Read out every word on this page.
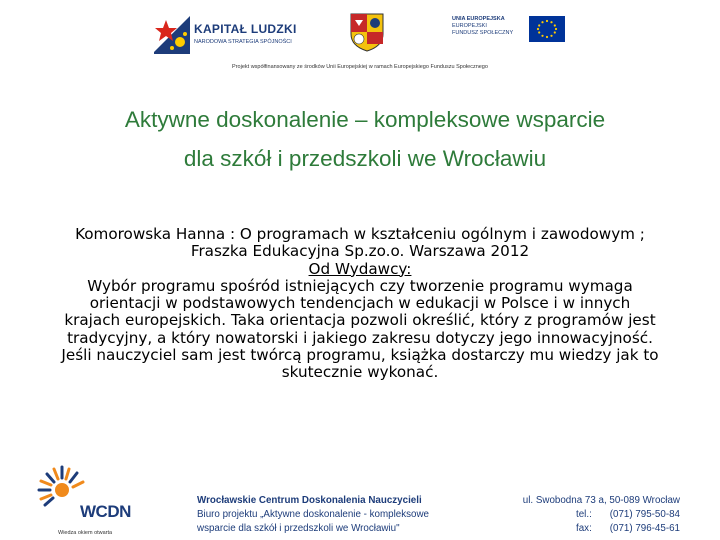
KAPITAŁ LUDZKI
NARODOWA STRATEGIA SPÓJNOŚCI
UNIA EUROPEJSKA
EUROPEJSKI
FUNDUSZ SPOŁECZNY
Projekt współfinansowany ze środków Unii Europejskiej w ramach Europejskiego Funduszu Społecznego
Aktywne doskonalenie – kompleksowe wsparcie
dla szkół i przedszkoli we Wrocławiu
Komorowska Hanna : O programach w kształceniu ogólnym i zawodowym ;
Fraszka Edukacyjna Sp.zo.o. Warszawa 2012
Od Wydawcy:
Wybór programu spośród istniejących czy tworzenie programu wymaga
orientacji w podstawowych tendencjach w edukacji w Polsce i w innych
krajach europejskich. Taka orientacja pozwoli określić, który z programów jest
tradycyjny, a który nowatorski i jakiego zakresu dotyczy jego innowacyjność.
Jeśli nauczyciel sam jest twórcą programu, książka dostarczy mu wiedzy jak to
skutecznie wykonać.
WCDN
Wiedza okiem otwarta
Wrocławskie Centrum Doskonalenia Nauczycieli
Biuro projektu „Aktywne doskonalenie - kompleksowe
wsparcie dla szkół i przedszkoli we Wrocławiu"
ul. Swobodna 73 a, 50-089 Wrocław
tel.: (071) 795-50-84
fax: (071) 796-45-61
